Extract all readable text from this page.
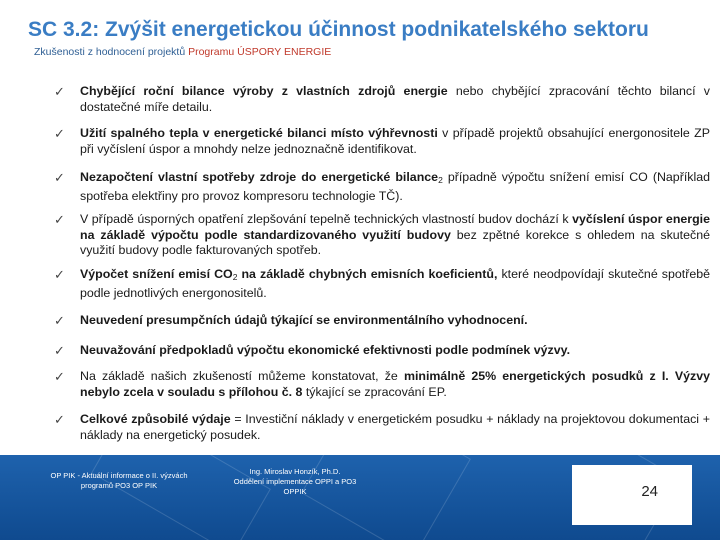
SC 3.2: Zvýšit energetickou účinnost podnikatelského sektoru
Zkušenosti z hodnocení projektů Programu ÚSPORY ENERGIE
✓ Chybějící roční bilance výroby z vlastních zdrojů energie nebo chybějící zpracování těchto bilancí v dostatečné míře detailu.
✓ Užití spalného tepla v energetické bilanci místo výhřevnosti v případě projektů obsahující energonositele ZP při vyčíslení úspor a mnohdy nelze jednoznačně identifikovat.
✓ Nezapočtení vlastní spotřeby zdroje do energetické bilance$_2$ případně výpočtu snížení emisí CO (Například spotřeba elektřiny pro provoz kompresoru technologie TČ).
✓ V případě úsporných opatření zlepšování tepelně technických vlastností budov dochází k vyčíslení úspor energie na základě výpočtu podle standardizovaného využití budovy bez zpětné korekce s ohledem na skutečné využití budovy podle fakturovaných spotřeb.
✓ Výpočet snížení emisí $CO_2$ na základě chybných emisních koeficientů, které neodpovídají skutečné spotřebě podle jednotlivých energonositelů.
✓ Neuvedení presumpčních údajů týkající se environmentálního vyhodnocení.
✓ Neuvažování předpokladů výpočtu ekonomické efektivnosti podle podmínek výzvy.
✓ Na základě našich zkušeností můžeme konstatovat, že minimálně 25% energetických posudků z I. Výzvy nebylo zcela v souladu s přílohou č. 8 týkající se zpracování EP.
✓ Celkové způsobilé výdaje = Investiční náklady v energetickém posudku + náklady na projektovou dokumentaci + náklady na energetický posudek.
OP PIK - Aktuální informace o II. výzvách
programů PO3 OP PIK
Ing. Miroslav Honzík, Ph.D.
Oddělení implementace OPPI a PO3
OPPIK	24
